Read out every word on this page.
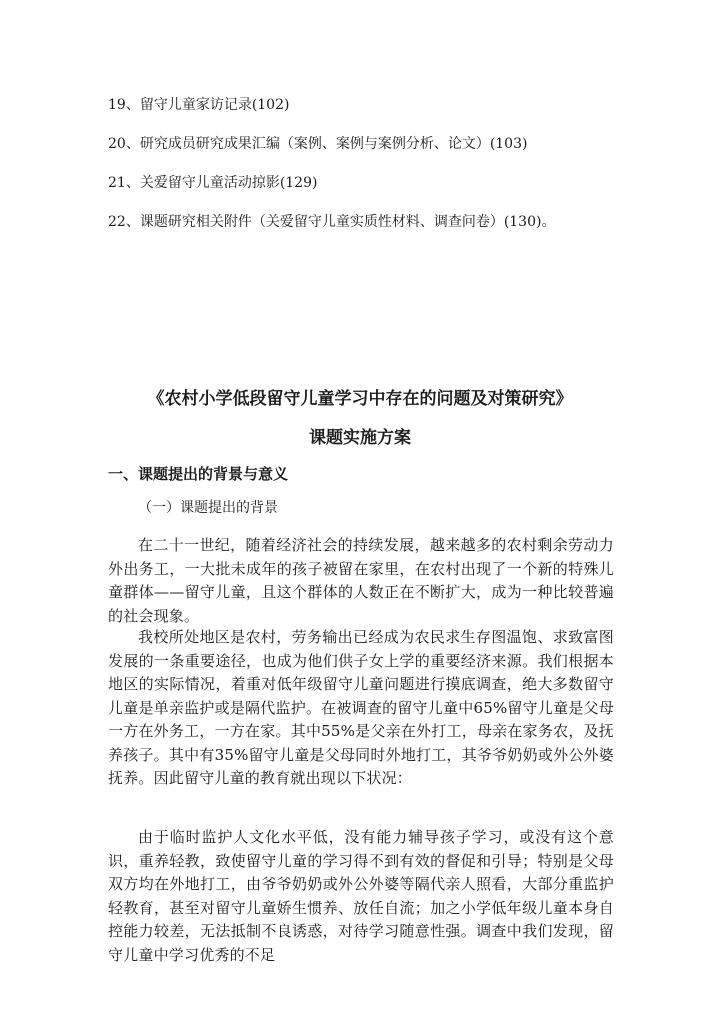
19、留守儿童家访记录(102)
20、研究成员研究成果汇编（案例、案例与案例分析、论文）(103)
21、关爱留守儿童活动掠影(129)
22、课题研究相关附件（关爱留守儿童实质性材料、调查问卷）(130)。
《农村小学低段留守儿童学习中存在的问题及对策研究》
课题实施方案
一、课题提出的背景与意义
（一）课题提出的背景

在二十一世纪，随着经济社会的持续发展，越来越多的农村剩余劳动力外出务工，一大批未成年的孩子被留在家里，在农村出现了一个新的特殊儿童群体——留守儿童，且这个群体的人数正在不断扩大，成为一种比较普遍的社会现象。

我校所处地区是农村，劳务输出已经成为农民求生存图温饱、求致富图发展的一条重要途径，也成为他们供子女上学的重要经济来源。我们根据本地区的实际情况，着重对低年级留守儿童问题进行摸底调查，绝大多数留守儿童是单亲监护或是隔代监护。在被调查的留守儿童中65%留守儿童是父母一方在外务工，一方在家。其中55%是父亲在外打工，母亲在家务农，及抚养孩子。其中有35%留守儿童是父母同时外地打工，其爷爷奶奶或外公外婆抚养。因此留守儿童的教育就出现以下状况：

由于临时监护人文化水平低，没有能力辅导孩子学习，或没有这个意识，重养轻教，致使留守儿童的学习得不到有效的督促和引导；特别是父母双方均在外地打工，由爷爷奶奶或外公外婆等隔代亲人照看，大部分重监护轻教育，甚至对留守儿童娇生惯养、放任自流；加之小学低年级儿童本身自控能力较差，无法抵制不良诱惑，对待学习随意性强。调查中我们发现，留守儿童中学习优秀的不足
